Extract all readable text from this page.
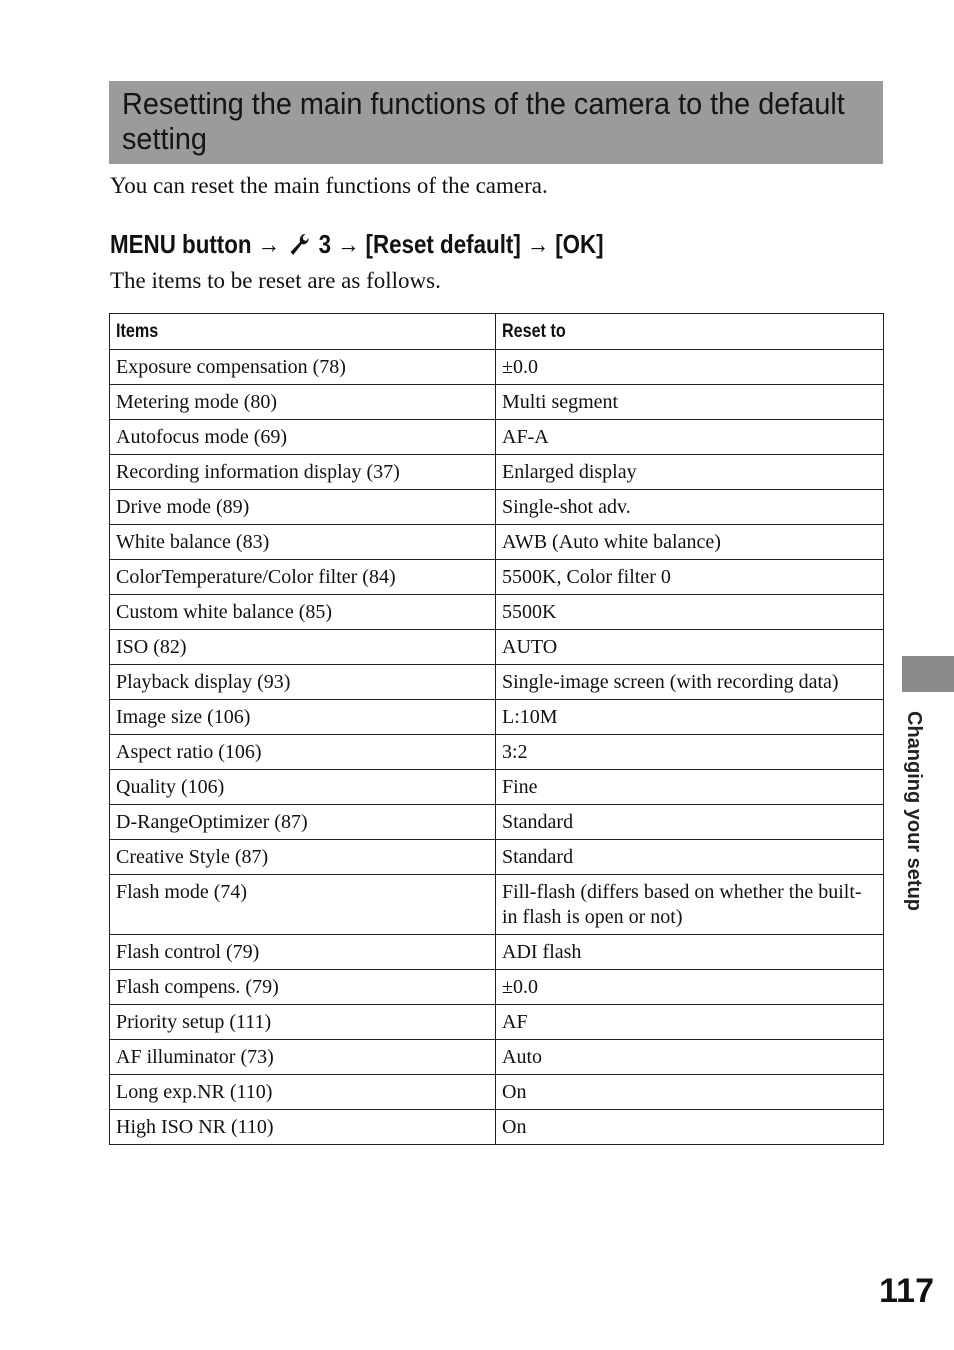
Resetting the main functions of the camera to the default setting

You can reset the main functions of the camera.

MENU button → 3 → [Reset default] → [OK]

The items to be reset are as follows.

Items	Reset to
Exposure compensation (78)	±0.0
Metering mode (80)	Multi segment
Autofocus mode (69)	AF-A
Recording information display (37)	Enlarged display
Drive mode (89)	Single-shot adv.
White balance (83)	AWB (Auto white balance)
ColorTemperature/Color filter (84)	5500K, Color filter 0
Custom white balance (85)	5500K
ISO (82)	AUTO
Playback display (93)	Single-image screen (with recording data)
Image size (106)	L:10M
Aspect ratio (106)	3:2
Quality (106)	Fine
D-RangeOptimizer (87)	Standard
Creative Style (87)	Standard
Flash mode (74)	Fill-flash (differs based on whether the built-in flash is open or not)
Flash control (79)	ADI flash
Flash compens. (79)	±0.0
Priority setup (111)	AF
AF illuminator (73)	Auto
Long exp.NR (110)	On
High ISO NR (110)	On
Changing your setup
117
